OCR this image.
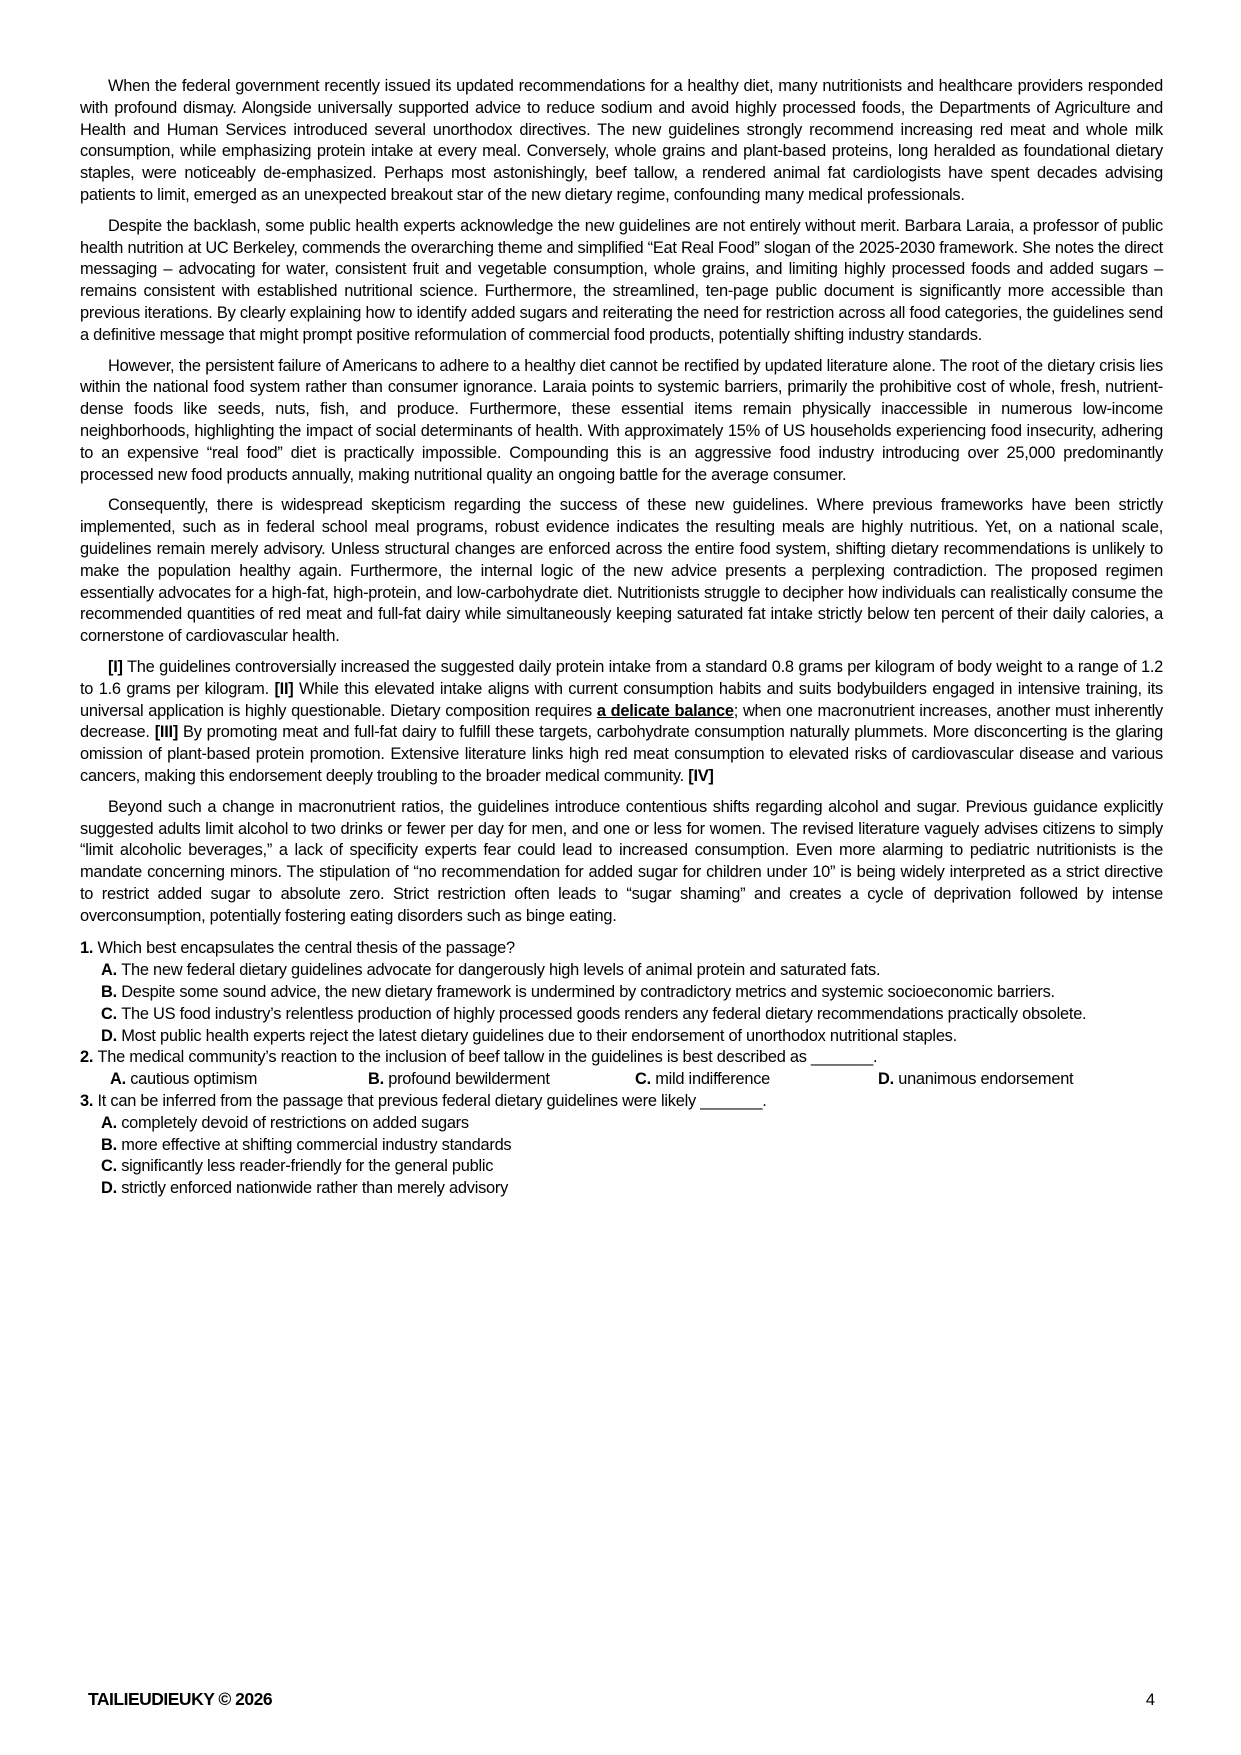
When the federal government recently issued its updated recommendations for a healthy diet, many nutritionists and healthcare providers responded with profound dismay. Alongside universally supported advice to reduce sodium and avoid highly processed foods, the Departments of Agriculture and Health and Human Services introduced several unorthodox directives. The new guidelines strongly recommend increasing red meat and whole milk consumption, while emphasizing protein intake at every meal. Conversely, whole grains and plant-based proteins, long heralded as foundational dietary staples, were noticeably de-emphasized. Perhaps most astonishingly, beef tallow, a rendered animal fat cardiologists have spent decades advising patients to limit, emerged as an unexpected breakout star of the new dietary regime, confounding many medical professionals.

Despite the backlash, some public health experts acknowledge the new guidelines are not entirely without merit. Barbara Laraia, a professor of public health nutrition at UC Berkeley, commends the overarching theme and simplified “Eat Real Food” slogan of the 2025-2030 framework. She notes the direct messaging – advocating for water, consistent fruit and vegetable consumption, whole grains, and limiting highly processed foods and added sugars – remains consistent with established nutritional science. Furthermore, the streamlined, ten-page public document is significantly more accessible than previous iterations. By clearly explaining how to identify added sugars and reiterating the need for restriction across all food categories, the guidelines send a definitive message that might prompt positive reformulation of commercial food products, potentially shifting industry standards.

However, the persistent failure of Americans to adhere to a healthy diet cannot be rectified by updated literature alone. The root of the dietary crisis lies within the national food system rather than consumer ignorance. Laraia points to systemic barriers, primarily the prohibitive cost of whole, fresh, nutrient-dense foods like seeds, nuts, fish, and produce. Furthermore, these essential items remain physically inaccessible in numerous low-income neighborhoods, highlighting the impact of social determinants of health. With approximately 15% of US households experiencing food insecurity, adhering to an expensive “real food” diet is practically impossible. Compounding this is an aggressive food industry introducing over 25,000 predominantly processed new food products annually, making nutritional quality an ongoing battle for the average consumer.

Consequently, there is widespread skepticism regarding the success of these new guidelines. Where previous frameworks have been strictly implemented, such as in federal school meal programs, robust evidence indicates the resulting meals are highly nutritious. Yet, on a national scale, guidelines remain merely advisory. Unless structural changes are enforced across the entire food system, shifting dietary recommendations is unlikely to make the population healthy again. Furthermore, the internal logic of the new advice presents a perplexing contradiction. The proposed regimen essentially advocates for a high-fat, high-protein, and low-carbohydrate diet. Nutritionists struggle to decipher how individuals can realistically consume the recommended quantities of red meat and full-fat dairy while simultaneously keeping saturated fat intake strictly below ten percent of their daily calories, a cornerstone of cardiovascular health.

[I] The guidelines controversially increased the suggested daily protein intake from a standard 0.8 grams per kilogram of body weight to a range of 1.2 to 1.6 grams per kilogram. [II] While this elevated intake aligns with current consumption habits and suits bodybuilders engaged in intensive training, its universal application is highly questionable. Dietary composition requires a delicate balance; when one macronutrient increases, another must inherently decrease. [III] By promoting meat and full-fat dairy to fulfill these targets, carbohydrate consumption naturally plummets. More disconcerting is the glaring omission of plant-based protein promotion. Extensive literature links high red meat consumption to elevated risks of cardiovascular disease and various cancers, making this endorsement deeply troubling to the broader medical community. [IV]

Beyond such a change in macronutrient ratios, the guidelines introduce contentious shifts regarding alcohol and sugar. Previous guidance explicitly suggested adults limit alcohol to two drinks or fewer per day for men, and one or less for women. The revised literature vaguely advises citizens to simply “limit alcoholic beverages,” a lack of specificity experts fear could lead to increased consumption. Even more alarming to pediatric nutritionists is the mandate concerning minors. The stipulation of “no recommendation for added sugar for children under 10” is being widely interpreted as a strict directive to restrict added sugar to absolute zero. Strict restriction often leads to “sugar shaming” and creates a cycle of deprivation followed by intense overconsumption, potentially fostering eating disorders such as binge eating.

1. Which best encapsulates the central thesis of the passage?
A. The new federal dietary guidelines advocate for dangerously high levels of animal protein and saturated fats.
B. Despite some sound advice, the new dietary framework is undermined by contradictory metrics and systemic socioeconomic barriers.
C. The US food industry’s relentless production of highly processed goods renders any federal dietary recommendations practically obsolete.
D. Most public health experts reject the latest dietary guidelines due to their endorsement of unorthodox nutritional staples.
2. The medical community’s reaction to the inclusion of beef tallow in the guidelines is best described as _______.
A. cautious optimism	B. profound bewilderment	C. mild indifference	D. unanimous endorsement
3. It can be inferred from the passage that previous federal dietary guidelines were likely _______.
A. completely devoid of restrictions on added sugars
B. more effective at shifting commercial industry standards
C. significantly less reader-friendly for the general public
D. strictly enforced nationwide rather than merely advisory
TAILIEUDIEUKY © 2026	4
